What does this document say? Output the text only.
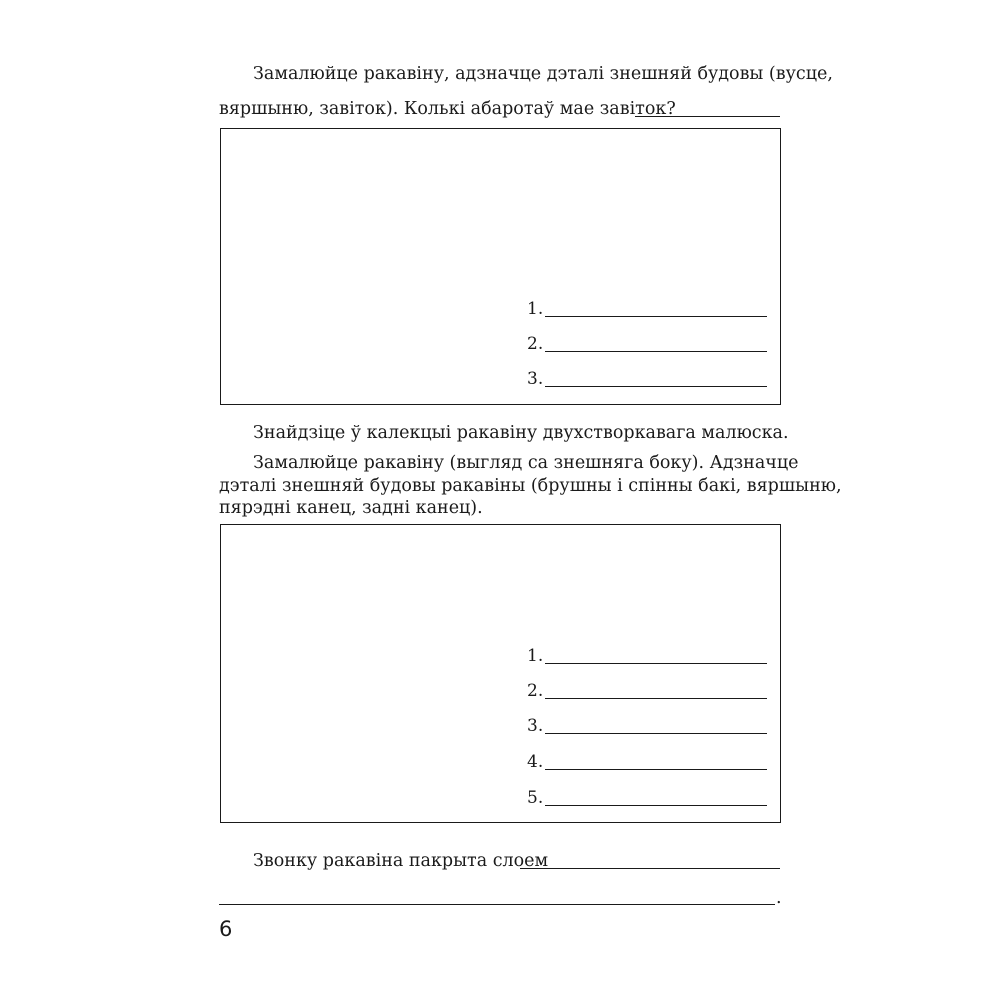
Замалюйце ракавіну, адзначце дэталі знешняй будовы (вусце,
вяршыню, завіток). Колькі абаротаў мае завіток?
1.
2.
3.
Знайдзіце ў калекцыі ракавіну двухстворкавага малюска.
Замалюйце ракавіну (выгляд са знешняга боку). Адзначце
дэталі знешняй будовы ракавіны (брушны і спінны бакі, вяршыню,
пярэдні канец, задні канец).
1.
2.
3.
4.
5.
Звонку ракавіна пакрыта слоем
.
6
